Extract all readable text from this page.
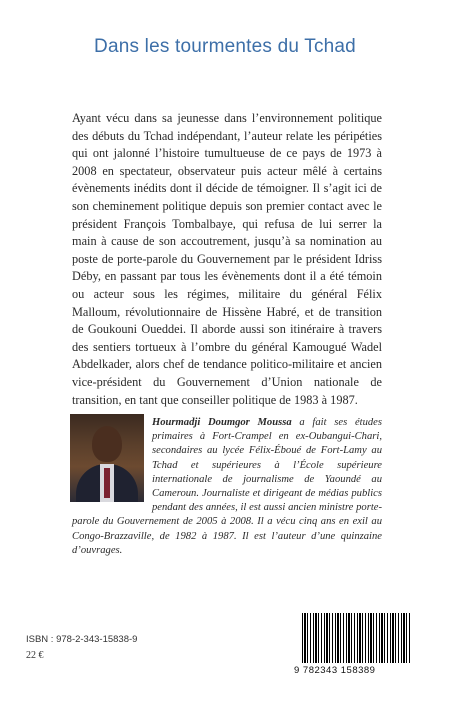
Dans les tourmentes du Tchad

Ayant vécu dans sa jeunesse dans l’environnement politique des débuts du Tchad indépendant, l’auteur relate les péripéties qui ont jalonné l’histoire tumultueuse de ce pays de 1973 à 2008 en spectateur, observateur puis acteur mêlé à certains évènements inédits dont il décide de témoigner. Il s’agit ici de son cheminement politique depuis son premier contact avec le président François Tombalbaye, qui refusa de lui serrer la main à cause de son accoutrement, jusqu’à sa nomination au poste de porte-parole du Gouvernement par le président Idriss Déby, en passant par tous les évènements dont il a été témoin ou acteur sous les régimes, militaire du général Félix Malloum, révolutionnaire de Hissène Habré, et de transition de Goukouni Oueddei. Il aborde aussi son itinéraire à travers des sentiers tortueux à l’ombre du général Kamougué Wadel Abdelkader, alors chef de tendance politico-militaire et ancien vice-président du Gouvernement d’Union nationale de transition, en tant que conseiller politique de 1983 à 1987.

Hourmadji Doumgor Moussa a fait ses études primaires à Fort-Crampel en ex-Oubangui-Chari, secondaires au lycée Félix-Éboué de Fort-Lamy au Tchad et supérieures à l’École supérieure internationale de journalisme de Yaoundé au Cameroun. Journaliste et dirigeant de médias publics pendant des années, il est aussi ancien ministre porte-parole du Gouvernement de 2005 à 2008. Il a vécu cinq ans en exil au Congo-Brazzaville, de 1982 à 1987. Il est l’auteur d’une quinzaine d’ouvrages.
ISBN : 978-2-343-15838-9
22 €
9 782343 158389
